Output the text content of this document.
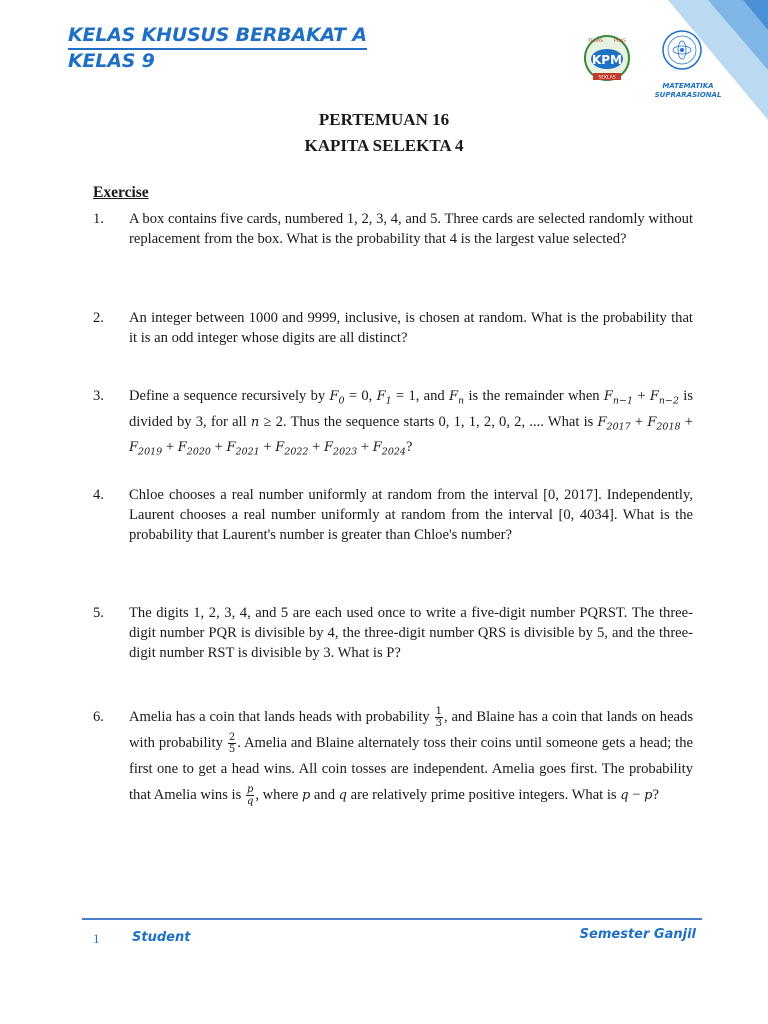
KELAS KHUSUS BERBAKAT A
KELAS 9	KPM
TEGAS PUAS
SEKLAS
MATEMATIKA SUPRARASIONAL
PERTEMUAN 16
KAPITA SELEKTA 4
Exercise
1. A box contains five cards, numbered 1, 2, 3, 4, and 5. Three cards are selected randomly without replacement from the box. What is the probability that 4 is the largest value selected?
2. An integer between 1000 and 9999, inclusive, is chosen at random. What is the probability that it is an odd integer whose digits are all distinct?
3. Define a sequence recursively by $F_0 = 0$, $F_1 = 1$, and $F_n$ is the remainder when $F_{n-1} + F_{n-2}$ is divided by 3, for all n ≥ 2. Thus the sequence starts 0, 1, 1, 2, 0, 2, .... What is $F_{2017} + F_{2018} + F_{2019} + F_{2020} + F_{2021} + F_{2022} + F_{2023} + F_{2024}$?
4. Chloe chooses a real number uniformly at random from the interval [0, 2017]. Independently, Laurent chooses a real number uniformly at random from the interval [0, 4034]. What is the probability that Laurent's number is greater than Chloe's number?
5. The digits 1, 2, 3, 4, and 5 are each used once to write a five-digit number PQRST. The three-digit number PQR is divisible by 4, the three-digit number QRS is divisible by 5, and the three-digit number RST is divisible by 3. What is P?
6. Amelia has a coin that lands heads with probability $\frac{1}{3}$ , and Blaine has a coin that lands on heads with probability $\frac{2}{5}$ . Amelia and Blaine alternately toss their coins until someone gets a head; the first one to get a head wins. All coin tosses are independent. Amelia goes first. The probability that Amelia wins is $\frac{p}{q}$ , where p and q are relatively prime positive integers. What is q − p?
1	Student	Semester Ganjil
